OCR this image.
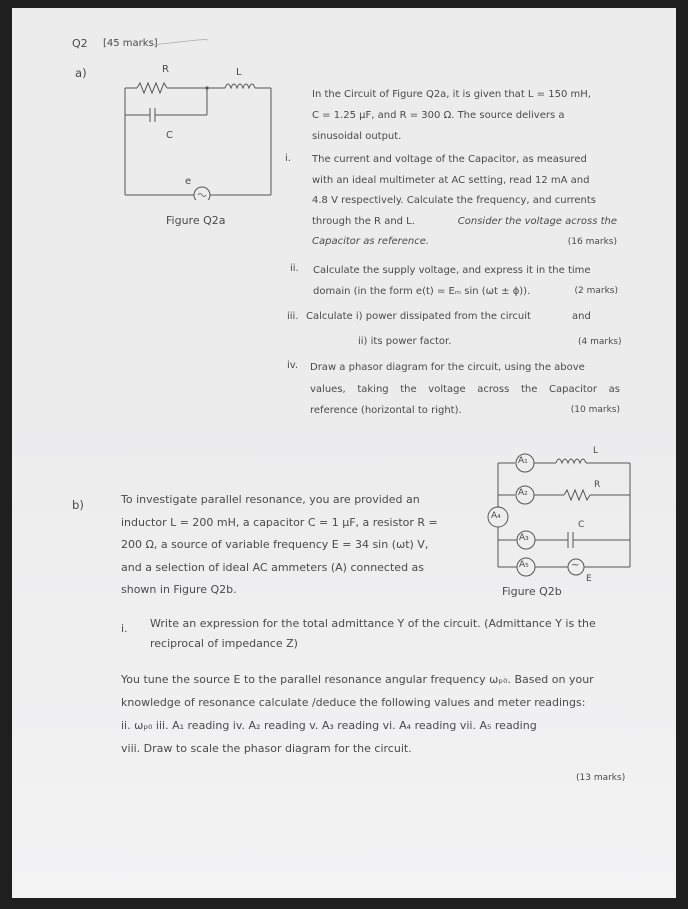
Q2 [45 marks]
a)	R	L
C
e
Figure Q2a
In the Circuit of Figure Q2a, it is given that L = 150 mH,
C = 1.25 μF, and R = 300 Ω. The source delivers a
sinusoidal output.
i. The current and voltage of the Capacitor, as measured
with an ideal multimeter at AC setting, read 12 mA and
4.8 V respectively. Calculate the frequency, and currents
through the R and L.	Consider the voltage across the
Capacitor as reference.	(16 marks)
ii. Calculate the supply voltage, and express it in the time
domain (in the form e(t) = Eₘ sin (ωt ± ϕ)).	(2 marks)
iii. Calculate i) power dissipated from the circuit	and
ii) its power factor.	(4 marks)
iv. Draw a phasor diagram for the circuit, using the above
values, taking the voltage across the Capacitor as
reference (horizontal to right).	(10 marks)
b)	To investigate parallel resonance, you are provided an
inductor L = 200 mH, a capacitor C = 1 μF, a resistor R =
200 Ω, a source of variable frequency E = 34 sin (ωt) V,
and a selection of ideal AC ammeters (A) connected as
shown in Figure Q2b.
A₁
A₂
A₄
A₃
A₅
L
R
C
~
E
Figure Q2b
i. Write an expression for the total admittance Y of the circuit. (Admittance Y is the
reciprocal of impedance Z)
You tune the source E to the parallel resonance angular frequency ωₚ₀. Based on your
knowledge of resonance calculate /deduce the following values and meter readings:
ii. ωₚ₀ iii. A₁ reading iv. A₂ reading v. A₃ reading vi. A₄ reading vii. A₅ reading
viii. Draw to scale the phasor diagram for the circuit.
(13 marks)
